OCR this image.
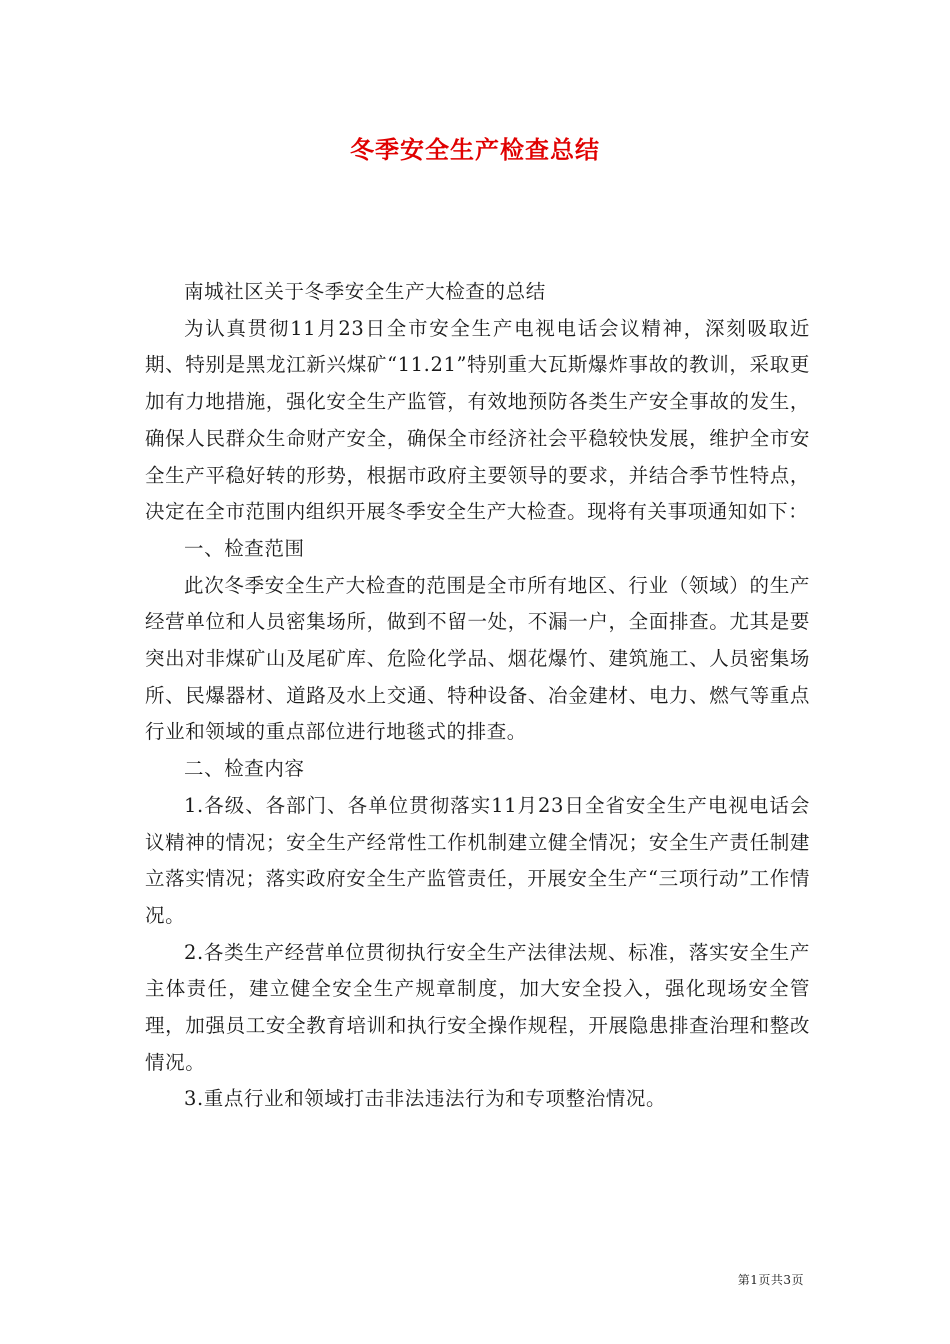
冬季安全生产检查总结

南城社区关于冬季安全生产大检查的总结

为认真贯彻11月23日全市安全生产电视电话会议精神，深刻吸取近期、特别是黑龙江新兴煤矿“11.21”特别重大瓦斯爆炸事故的教训，采取更加有力地措施，强化安全生产监管，有效地预防各类生产安全事故的发生，确保人民群众生命财产安全，确保全市经济社会平稳较快发展，维护全市安全生产平稳好转的形势，根据市政府主要领导的要求，并结合季节性特点，决定在全市范围内组织开展冬季安全生产大检查。现将有关事项通知如下：

一、检查范围

此次冬季安全生产大检查的范围是全市所有地区、行业（领域）的生产经营单位和人员密集场所，做到不留一处，不漏一户，全面排查。尤其是要突出对非煤矿山及尾矿库、危险化学品、烟花爆竹、建筑施工、人员密集场所、民爆器材、道路及水上交通、特种设备、冶金建材、电力、燃气等重点行业和领域的重点部位进行地毯式的排查。

二、检查内容

1.各级、各部门、各单位贯彻落实11月23日全省安全生产电视电话会议精神的情况；安全生产经常性工作机制建立健全情况；安全生产责任制建立落实情况；落实政府安全生产监管责任，开展安全生产“三项行动”工作情况。

2.各类生产经营单位贯彻执行安全生产法律法规、标准，落实安全生产主体责任，建立健全安全生产规章制度，加大安全投入，强化现场安全管理，加强员工安全教育培训和执行安全操作规程，开展隐患排查治理和整改情况。

3.重点行业和领域打击非法违法行为和专项整治情况。

第1页共3页
